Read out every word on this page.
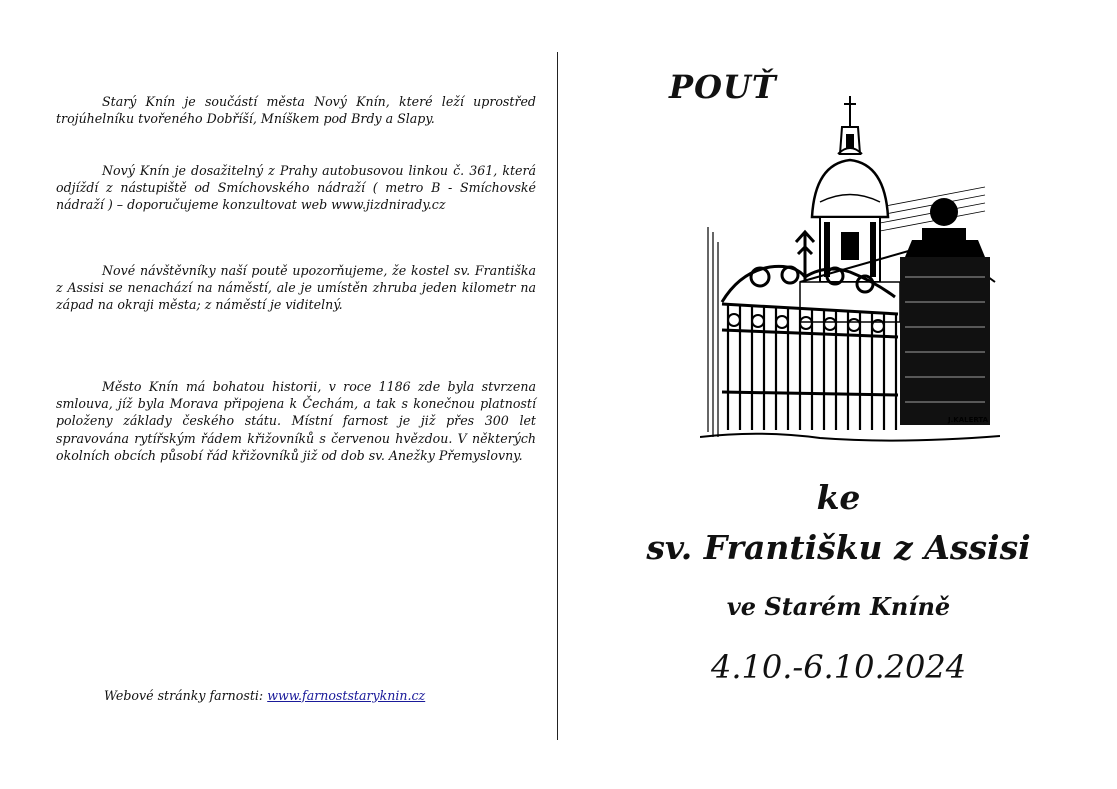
Starý Knín je součástí města Nový Knín, které leží uprostřed trojúhelníku tvořeného Dobříší, Mníškem pod Brdy a Slapy.
Nový Knín je dosažitelný z Prahy autobusovou linkou č. 361, která odjíždí z nástupiště od Smíchovského nádraží ( metro B - Smíchovské nádraží ) – doporučujeme konzultovat web www.jizdnirady.cz
Nové návštěvníky naší poutě upozorňujeme, že kostel sv. Františka z Assisi se nenachází na náměstí, ale je umístěn zhruba jeden kilometr na západ na okraji města; z náměstí je viditelný.
Město Knín má bohatou historii, v roce 1186 zde byla stvrzena smlouva, jíž byla Morava připojena k Čechám, a tak s konečnou platností položeny základy českého státu. Místní farnost je již přes 300 let spravována rytířským řádem křižovníků s červenou hvězdou. V některých okolních obcích působí řád křižovníků již od dob sv. Anežky Přemyslovny.
Webové stránky farnosti: www.farnoststaryknin.cz
POUŤ
J.KALERTA
ke
sv. Františku z Assisi
ve Starém Kníně
4.10.-6.10.2024
